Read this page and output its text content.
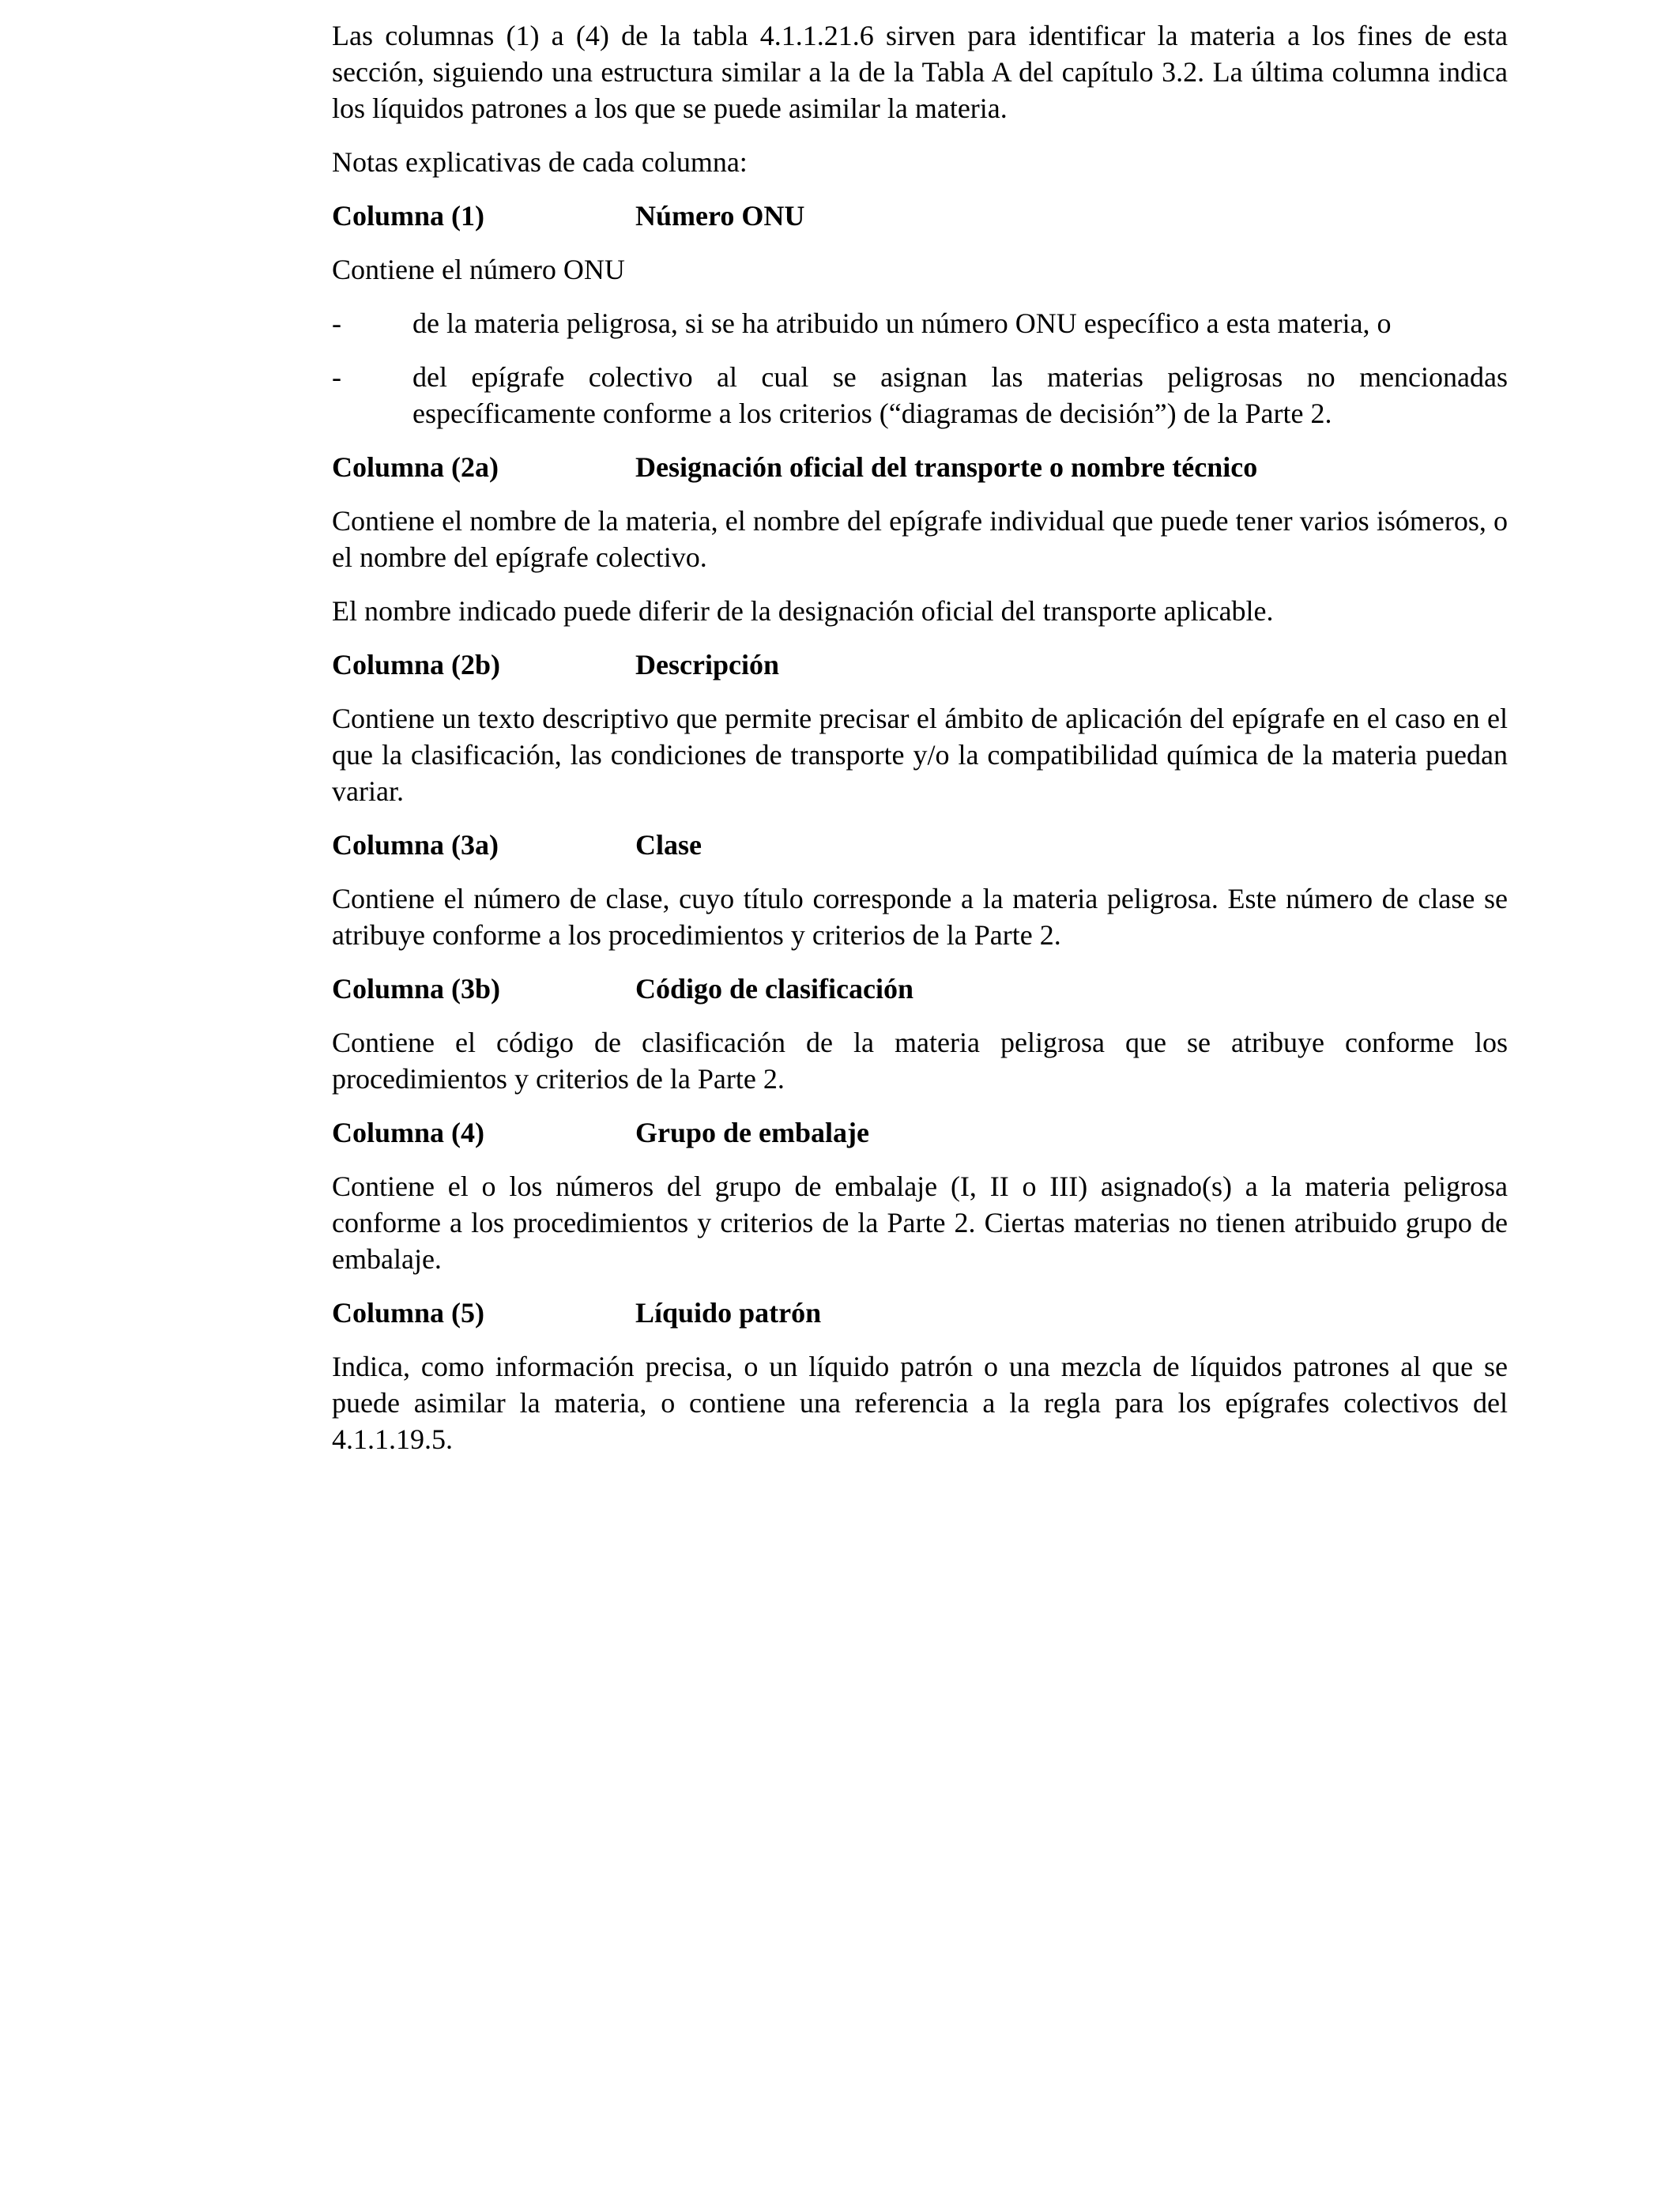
Las columnas (1) a (4) de la tabla 4.1.1.21.6 sirven para identificar la materia a los fines de esta sección, siguiendo una estructura similar a la de la Tabla A del capítulo 3.2. La última columna indica los líquidos patrones a los que se puede asimilar la materia.

Notas explicativas de cada columna:

Columna (1)	Número ONU

Contiene el número ONU

-	de la materia peligrosa, si se ha atribuido un número ONU específico a esta materia, o
-	del epígrafe colectivo al cual se asignan las materias peligrosas no mencionadas específicamente conforme a los criterios (“diagramas de decisión”) de la Parte 2.
Columna (2a)	Designación oficial del transporte o nombre técnico

Contiene el nombre de la materia, el nombre del epígrafe individual que puede tener varios isómeros, o el nombre del epígrafe colectivo.

El nombre indicado puede diferir de la designación oficial del transporte aplicable.

Columna (2b)	Descripción

Contiene un texto descriptivo que permite precisar el ámbito de aplicación del epígrafe en el caso en el que la clasificación, las condiciones de transporte y/o la compatibilidad química de la materia puedan variar.

Columna (3a)	Clase

Contiene el número de clase, cuyo título corresponde a la materia peligrosa. Este número de clase se atribuye conforme a los procedimientos y criterios de la Parte 2.

Columna (3b)	Código de clasificación

Contiene el código de clasificación de la materia peligrosa que se atribuye conforme los procedimientos y criterios de la Parte 2.

Columna (4)	Grupo de embalaje

Contiene el o los números del grupo de embalaje (I, II o III) asignado(s) a la materia peligrosa conforme a los procedimientos y criterios de la Parte 2. Ciertas materias no tienen atribuido grupo de embalaje.

Columna (5)	Líquido patrón

Indica, como información precisa, o un líquido patrón o una mezcla de líquidos patrones al que se puede asimilar la materia, o contiene una referencia a la regla para los epígrafes colectivos del 4.1.1.19.5.
